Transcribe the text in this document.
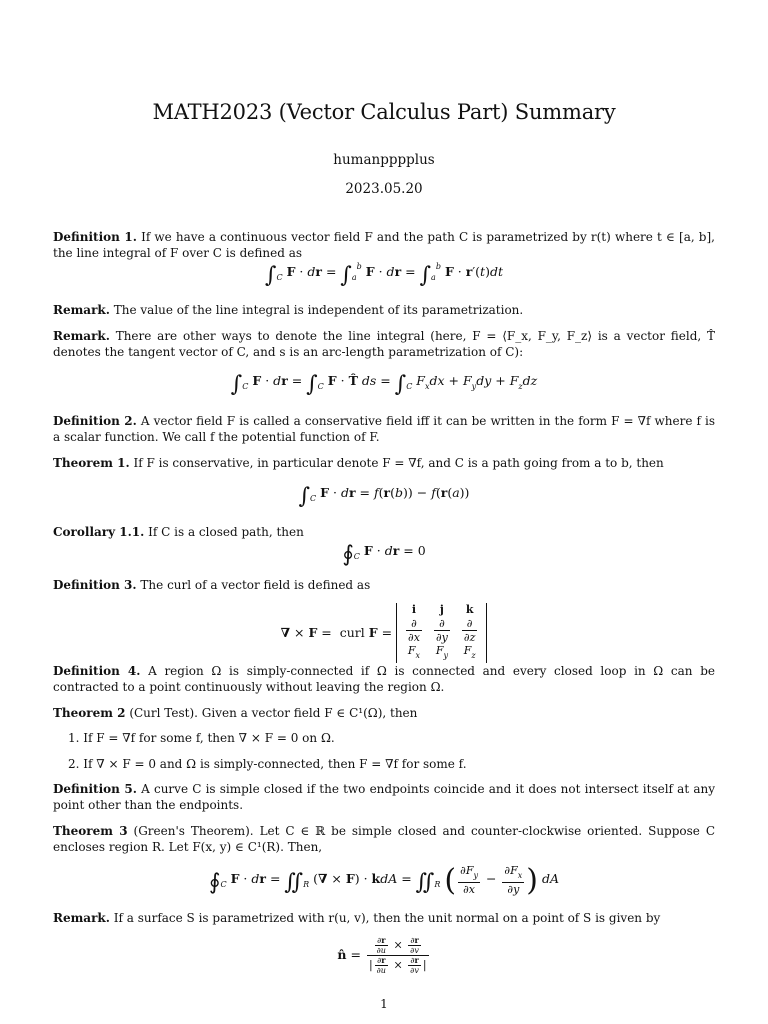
MATH2023 (Vector Calculus Part) Summary
humanpppplus
2023.05.20

Definition 1. If we have a continuous vector field F and the path C is parametrized by r(t) where t ∈ [a, b], the line integral of F over C is defined as

$\int_C$ F · dr = $\int_a^b$ F · dr = $\int_a^b$ F · r′(t)dt

Remark. The value of the line integral is independent of its parametrization.

Remark. There are other ways to denote the line integral (here, F = ⟨F_x, F_y, F_z⟩ is a vector field, T̂ denotes the tangent vector of C, and s is an arc-length parametrization of C):

$\int_C$ F · dr = $\int_C$ F · T̂ ds = $\int_C$ $F_xdx + F_ydy + F_zdz$

Definition 2. A vector field F is called a conservative field iff it can be written in the form F = ∇f where f is a scalar function. We call f the potential function of F.

Theorem 1. If F is conservative, in particular denote F = ∇f, and C is a path going from a to b, then

$\int_C$ F · dr = f(r(b)) − f(r(a))

Corollary 1.1. If C is a closed path, then

$∮_C$ F · dr = 0

Definition 3. The curl of a vector field is defined as

∇ × F =  curl F =
i	j	k

$\frac{\partial}{\partial x}$	$\frac{\partial}{\partial y}$	$\frac{\partial}{\partial z}$

$F_x$	$F_y$	$F_z$

Definition 4. A region Ω is simply-connected if Ω is connected and every closed loop in Ω can be contracted to a point continuously without leaving the region Ω.

Theorem 2 (Curl Test). Given a vector field F ∈ C¹(Ω), then

1. If F = ∇f for some f, then ∇ × F = 0 on Ω.
2. If ∇ × F = 0 and Ω is simply-connected, then F = ∇f for some f.

Definition 5. A curve C is simple closed if the two endpoints coincide and it does not intersect itself at any point other than the endpoints.

Theorem 3 (Green's Theorem). Let C ∈ ℝ be simple closed and counter-clockwise oriented. Suppose C encloses region R. Let F(x, y) ∈ C¹(R). Then,

$∮_C$ F · dr = $∬_R$ (∇ × F) · kdA = $∬_R$ ( $\frac{\partial F_y}{\partial x} - \frac{\partial F_x}{\partial y}$ ) dA

Remark. If a surface S is parametrized with r(u, v), then the unit normal on a point of S is given by

n̂ = $\frac{\frac{\partial r}{\partial u} \times \frac{\partial r}{\partial v}}{| \frac{\partial r}{\partial u} \times \frac{\partial r}{\partial v} |}$
1
